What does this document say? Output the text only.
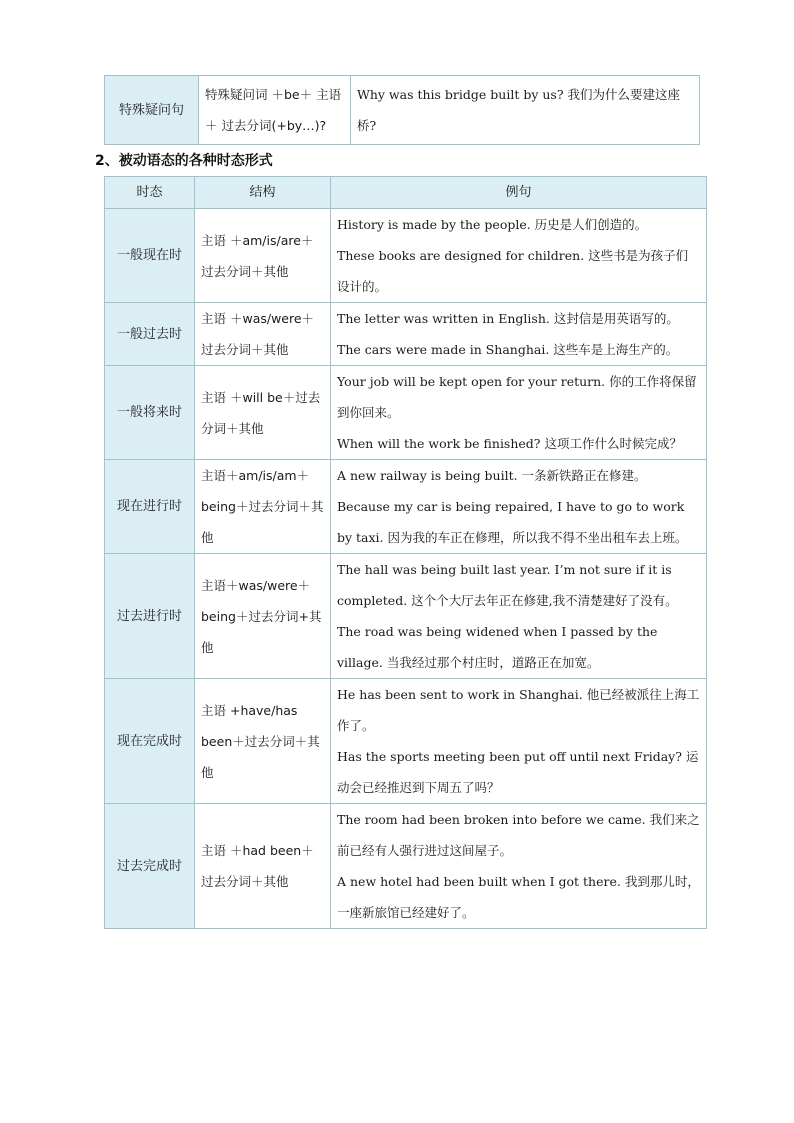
特殊疑问句	特殊疑问词 ＋be＋ 主语 ＋ 过去分词(+by…)?	Why was this bridge built by us? 我们为什么要建这座桥?
2、被动语态的各种时态形式
时态	结构	例句
一般现在时	主语 ＋am/is/are＋过去分词＋其他	History is made by the people. 历史是人们创造的。
These books are designed for children. 这些书是为孩子们设计的。

一般过去时	主语 ＋was/were＋过去分词＋其他	The letter was written in English. 这封信是用英语写的。
The cars were made in Shanghai. 这些车是上海生产的。

一般将来时	主语 ＋will be＋过去分词＋其他	Your job will be kept open for your return. 你的工作将保留到你回来。
When will the work be finished? 这项工作什么时候完成？

现在进行时	主语＋am/is/am＋being＋过去分词＋其他	A new railway is being built. 一条新铁路正在修建。
Because my car is being repaired, I have to go to work by taxi. 因为我的车正在修理，所以我不得不坐出租车去上班。

过去进行时	主语＋was/were＋being＋过去分词+其他	The hall was being built last year. I’m not sure if it is completed. 这个个大厅去年正在修建,我不清楚建好了没有。
The road was being widened when I passed by the village. 当我经过那个村庄时，道路正在加宽。

现在完成时	主语 +have/has been＋过去分词＋其他	He has been sent to work in Shanghai. 他已经被派往上海工作了。
Has the sports meeting been put off until next Friday? 运动会已经推迟到下周五了吗？

过去完成时	主语 ＋had been＋过去分词＋其他	The room had been broken into before we came. 我们来之前已经有人强行进过这间屋子。
A new hotel had been built when I got there. 我到那儿时，一座新旅馆已经建好了。
